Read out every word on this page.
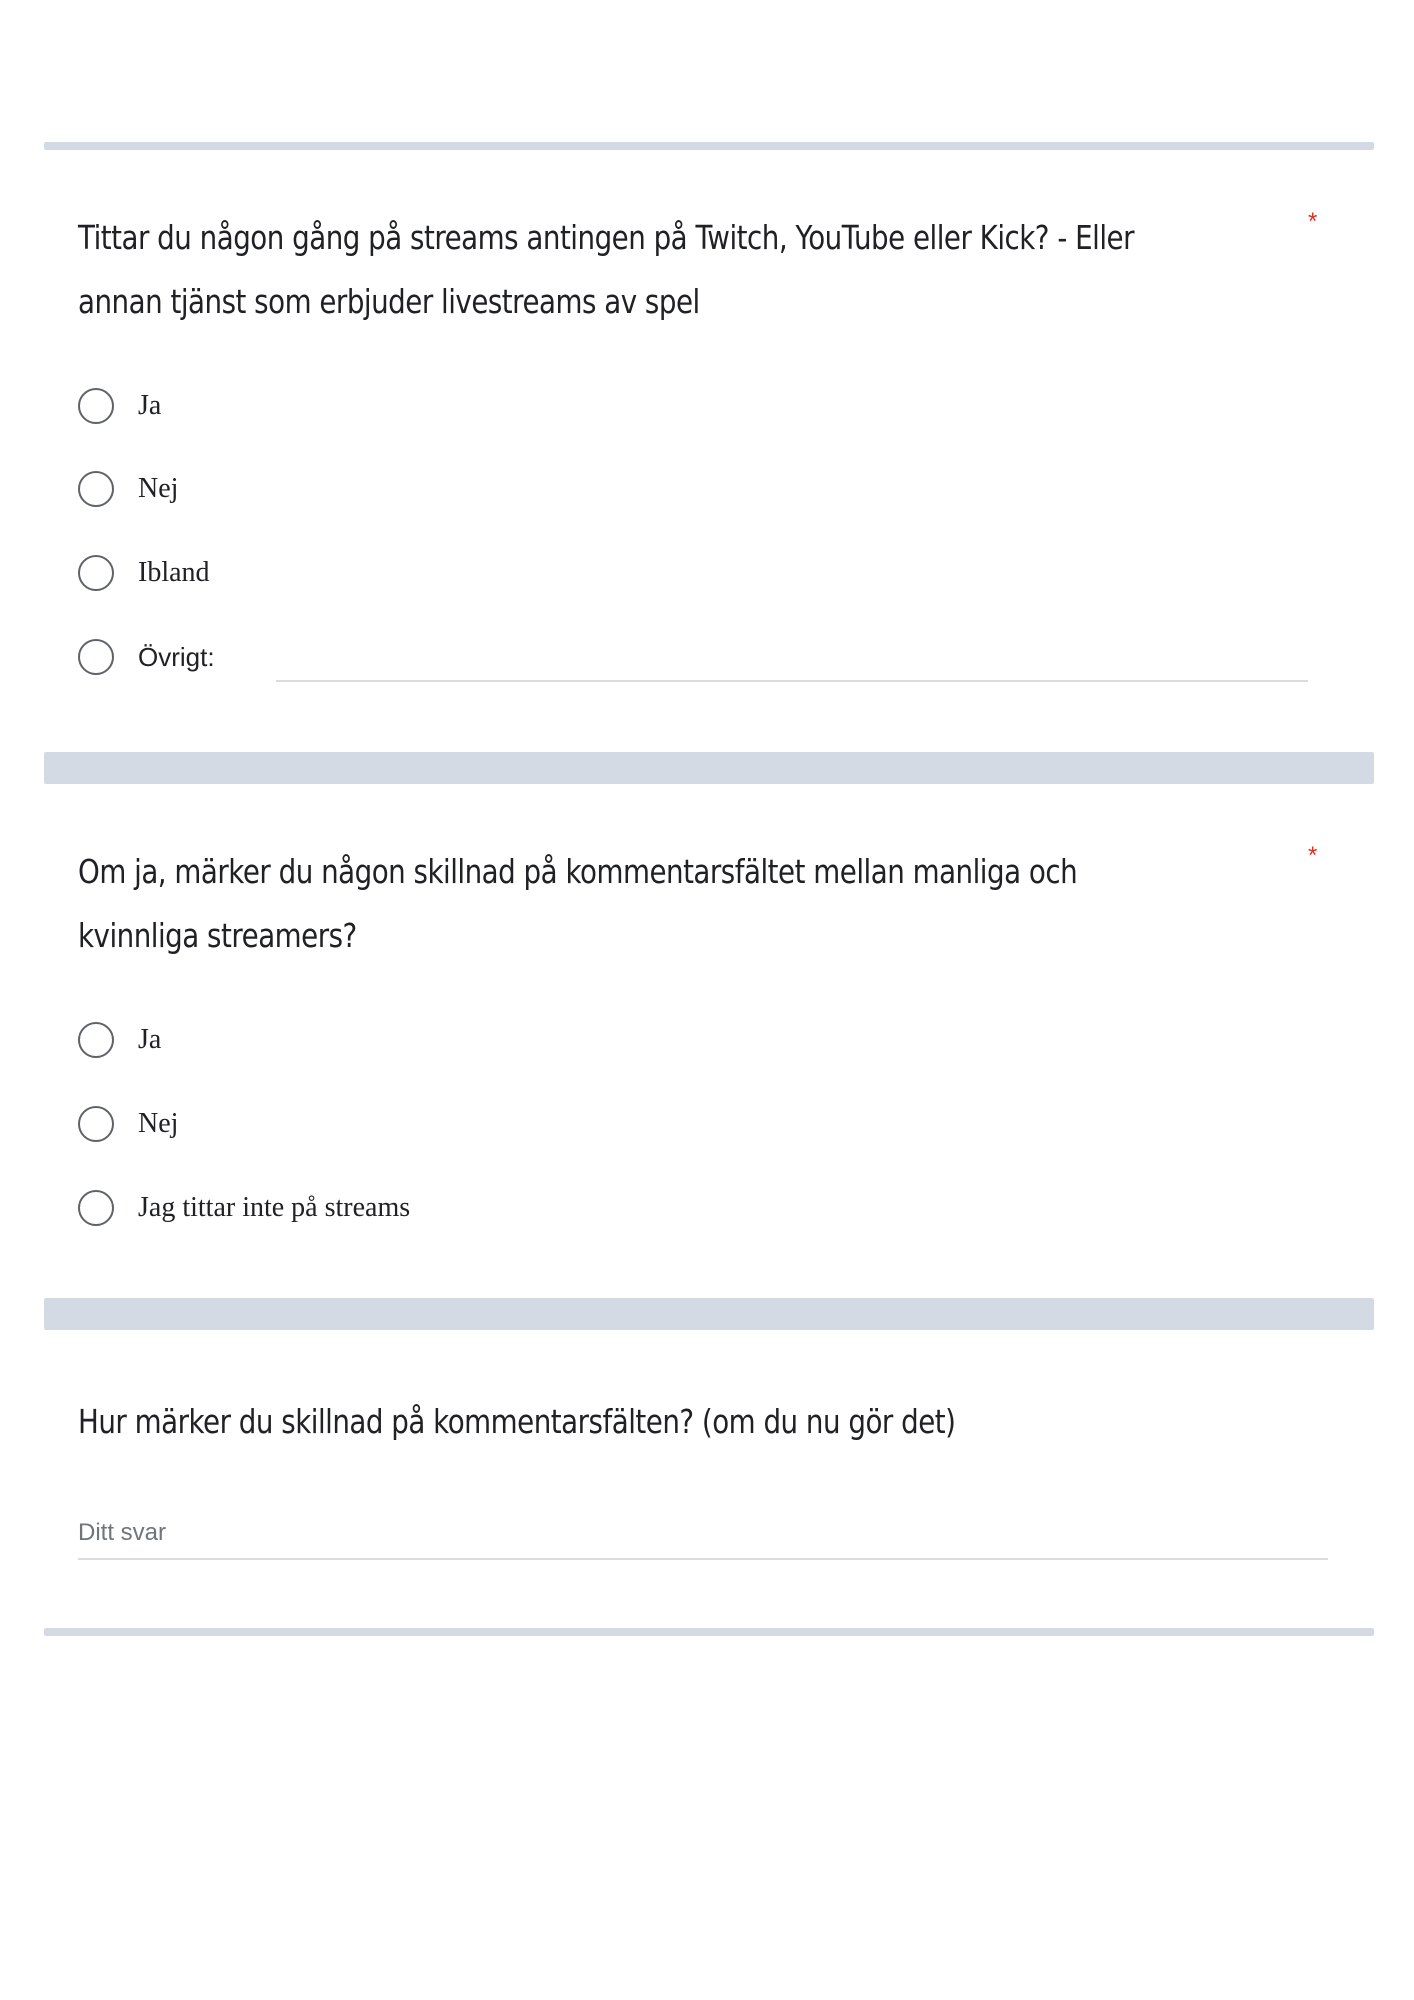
Tittar du någon gång på streams antingen på Twitch, YouTube eller Kick? - Eller
annan tjänst som erbjuder livestreams av spel
*
Ja
Nej
Ibland
Övrigt:
Om ja, märker du någon skillnad på kommentarsfältet mellan manliga och
kvinnliga streamers?
*
Ja
Nej
Jag tittar inte på streams
Hur märker du skillnad på kommentarsfälten? (om du nu gör det)
Ditt svar
